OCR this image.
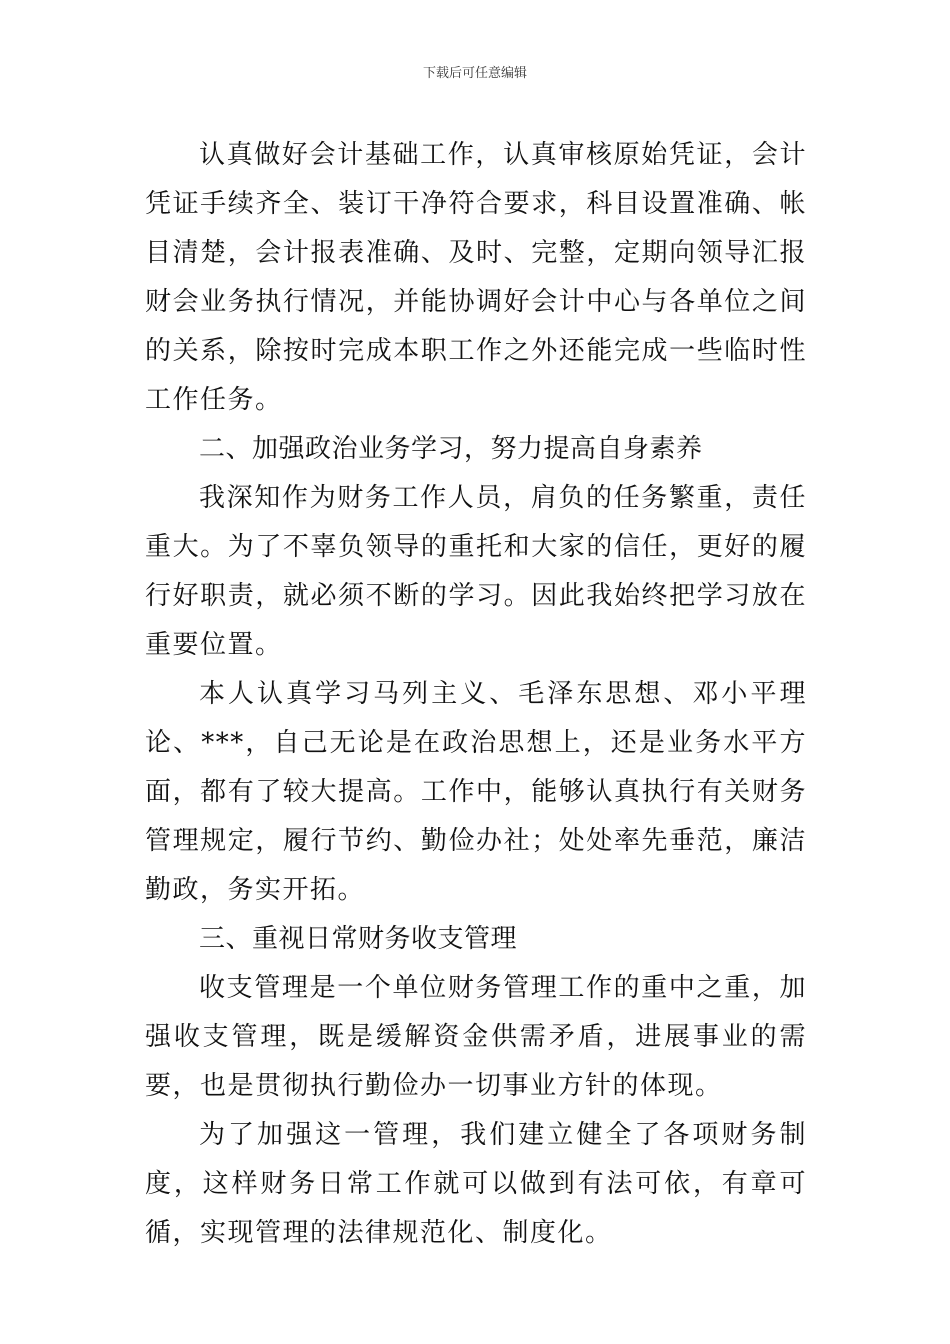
下载后可任意编辑

认真做好会计基础工作，认真审核原始凭证，会计凭证手续齐全、装订干净符合要求，科目设置准确、帐目清楚，会计报表准确、及时、完整，定期向领导汇报财会业务执行情况，并能协调好会计中心与各单位之间的关系，除按时完成本职工作之外还能完成一些临时性工作任务。

二、加强政治业务学习，努力提高自身素养

我深知作为财务工作人员，肩负的任务繁重，责任重大。为了不辜负领导的重托和大家的信任，更好的履行好职责，就必须不断的学习。因此我始终把学习放在重要位置。

本人认真学习马列主义、毛泽东思想、邓小平理论、***，自己无论是在政治思想上，还是业务水平方面，都有了较大提高。工作中，能够认真执行有关财务管理规定，履行节约、勤俭办社；处处率先垂范，廉洁勤政，务实开拓。

三、重视日常财务收支管理

收支管理是一个单位财务管理工作的重中之重，加强收支管理，既是缓解资金供需矛盾，进展事业的需要，也是贯彻执行勤俭办一切事业方针的体现。

为了加强这一管理，我们建立健全了各项财务制度，这样财务日常工作就可以做到有法可依，有章可循，实现管理的法律规范化、制度化。
